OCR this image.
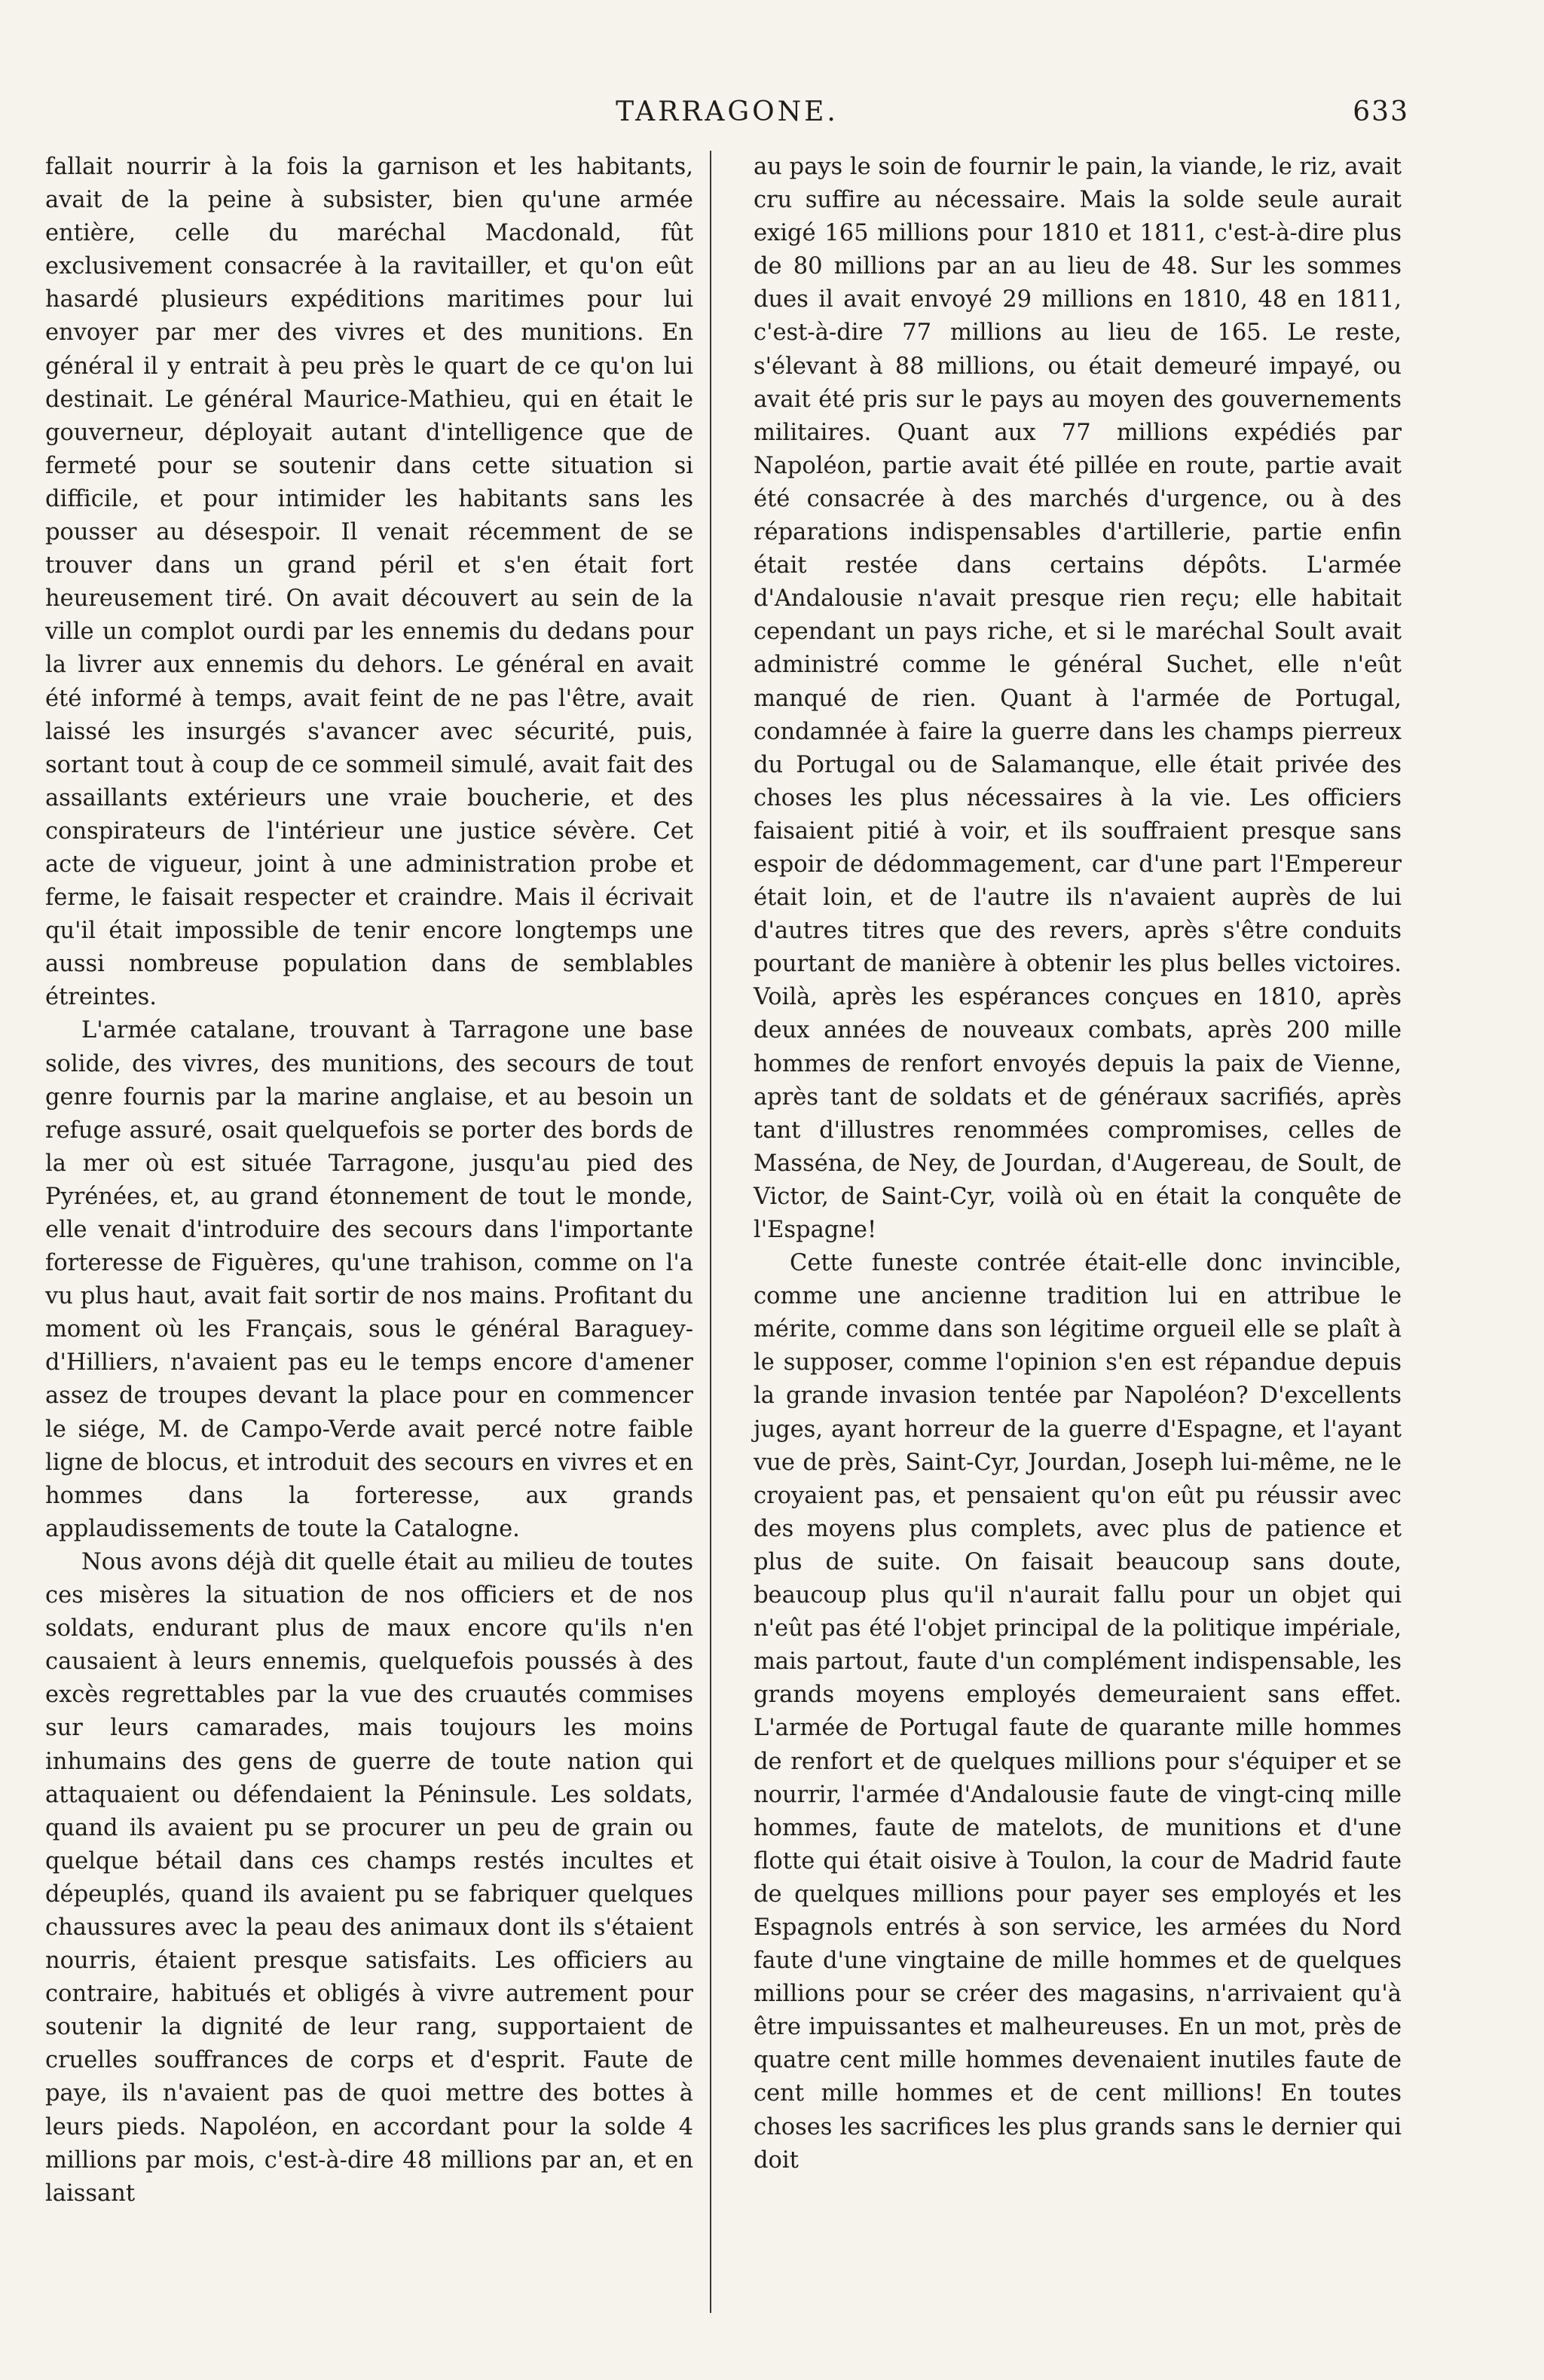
TARRAGONE.	633

fallait nourrir à la fois la garnison et les habitants, avait de la peine à subsister, bien qu'une armée entière, celle du maréchal Macdonald, fût exclusivement consacrée à la ravitailler, et qu'on eût hasardé plusieurs expéditions maritimes pour lui envoyer par mer des vivres et des munitions. En général il y entrait à peu près le quart de ce qu'on lui destinait. Le général Maurice-Mathieu, qui en était le gouverneur, déployait autant d'intelligence que de fermeté pour se soutenir dans cette situation si difficile, et pour intimider les habitants sans les pousser au désespoir. Il venait récemment de se trouver dans un grand péril et s'en était fort heureusement tiré. On avait découvert au sein de la ville un complot ourdi par les ennemis du dedans pour la livrer aux ennemis du dehors. Le général en avait été informé à temps, avait feint de ne pas l'être, avait laissé les insurgés s'avancer avec sécurité, puis, sortant tout à coup de ce sommeil simulé, avait fait des assaillants extérieurs une vraie boucherie, et des conspirateurs de l'intérieur une justice sévère. Cet acte de vigueur, joint à une administration probe et ferme, le faisait respecter et craindre. Mais il écrivait qu'il était impossible de tenir encore longtemps une aussi nombreuse population dans de semblables étreintes.

L'armée catalane, trouvant à Tarragone une base solide, des vivres, des munitions, des secours de tout genre fournis par la marine anglaise, et au besoin un refuge assuré, osait quelquefois se porter des bords de la mer où est située Tarragone, jusqu'au pied des Pyrénées, et, au grand étonnement de tout le monde, elle venait d'introduire des secours dans l'importante forteresse de Figuères, qu'une trahison, comme on l'a vu plus haut, avait fait sortir de nos mains. Profitant du moment où les Français, sous le général Baraguey-d'Hilliers, n'avaient pas eu le temps encore d'amener assez de troupes devant la place pour en commencer le siége, M. de Campo-Verde avait percé notre faible ligne de blocus, et introduit des secours en vivres et en hommes dans la forteresse, aux grands applaudissements de toute la Catalogne.

Nous avons déjà dit quelle était au milieu de toutes ces misères la situation de nos officiers et de nos soldats, endurant plus de maux encore qu'ils n'en causaient à leurs ennemis, quelquefois poussés à des excès regrettables par la vue des cruautés commises sur leurs camarades, mais toujours les moins inhumains des gens de guerre de toute nation qui attaquaient ou défendaient la Péninsule. Les soldats, quand ils avaient pu se procurer un peu de grain ou quelque bétail dans ces champs restés incultes et dépeuplés, quand ils avaient pu se fabriquer quelques chaussures avec la peau des animaux dont ils s'étaient nourris, étaient presque satisfaits. Les officiers au contraire, habitués et obligés à vivre autrement pour soutenir la dignité de leur rang, supportaient de cruelles souffrances de corps et d'esprit. Faute de paye, ils n'avaient pas de quoi mettre des bottes à leurs pieds. Napoléon, en accordant pour la solde 4 millions par mois, c'est-à-dire 48 millions par an, et en laissant

au pays le soin de fournir le pain, la viande, le riz, avait cru suffire au nécessaire. Mais la solde seule aurait exigé 165 millions pour 1810 et 1811, c'est-à-dire plus de 80 millions par an au lieu de 48. Sur les sommes dues il avait envoyé 29 millions en 1810, 48 en 1811, c'est-à-dire 77 millions au lieu de 165. Le reste, s'élevant à 88 millions, ou était demeuré impayé, ou avait été pris sur le pays au moyen des gouvernements militaires. Quant aux 77 millions expédiés par Napoléon, partie avait été pillée en route, partie avait été consacrée à des marchés d'urgence, ou à des réparations indispensables d'artillerie, partie enfin était restée dans certains dépôts. L'armée d'Andalousie n'avait presque rien reçu; elle habitait cependant un pays riche, et si le maréchal Soult avait administré comme le général Suchet, elle n'eût manqué de rien. Quant à l'armée de Portugal, condamnée à faire la guerre dans les champs pierreux du Portugal ou de Salamanque, elle était privée des choses les plus nécessaires à la vie. Les officiers faisaient pitié à voir, et ils souffraient presque sans espoir de dédommagement, car d'une part l'Empereur était loin, et de l'autre ils n'avaient auprès de lui d'autres titres que des revers, après s'être conduits pourtant de manière à obtenir les plus belles victoires. Voilà, après les espérances conçues en 1810, après deux années de nouveaux combats, après 200 mille hommes de renfort envoyés depuis la paix de Vienne, après tant de soldats et de généraux sacrifiés, après tant d'illustres renommées compromises, celles de Masséna, de Ney, de Jourdan, d'Augereau, de Soult, de Victor, de Saint-Cyr, voilà où en était la conquête de l'Espagne!

Cette funeste contrée était-elle donc invincible, comme une ancienne tradition lui en attribue le mérite, comme dans son légitime orgueil elle se plaît à le supposer, comme l'opinion s'en est répandue depuis la grande invasion tentée par Napoléon? D'excellents juges, ayant horreur de la guerre d'Espagne, et l'ayant vue de près, Saint-Cyr, Jourdan, Joseph lui-même, ne le croyaient pas, et pensaient qu'on eût pu réussir avec des moyens plus complets, avec plus de patience et plus de suite. On faisait beaucoup sans doute, beaucoup plus qu'il n'aurait fallu pour un objet qui n'eût pas été l'objet principal de la politique impériale, mais partout, faute d'un complément indispensable, les grands moyens employés demeuraient sans effet. L'armée de Portugal faute de quarante mille hommes de renfort et de quelques millions pour s'équiper et se nourrir, l'armée d'Andalousie faute de vingt-cinq mille hommes, faute de matelots, de munitions et d'une flotte qui était oisive à Toulon, la cour de Madrid faute de quelques millions pour payer ses employés et les Espagnols entrés à son service, les armées du Nord faute d'une vingtaine de mille hommes et de quelques millions pour se créer des magasins, n'arrivaient qu'à être impuissantes et malheureuses. En un mot, près de quatre cent mille hommes devenaient inutiles faute de cent mille hommes et de cent millions! En toutes choses les sacrifices les plus grands sans le dernier qui doit
